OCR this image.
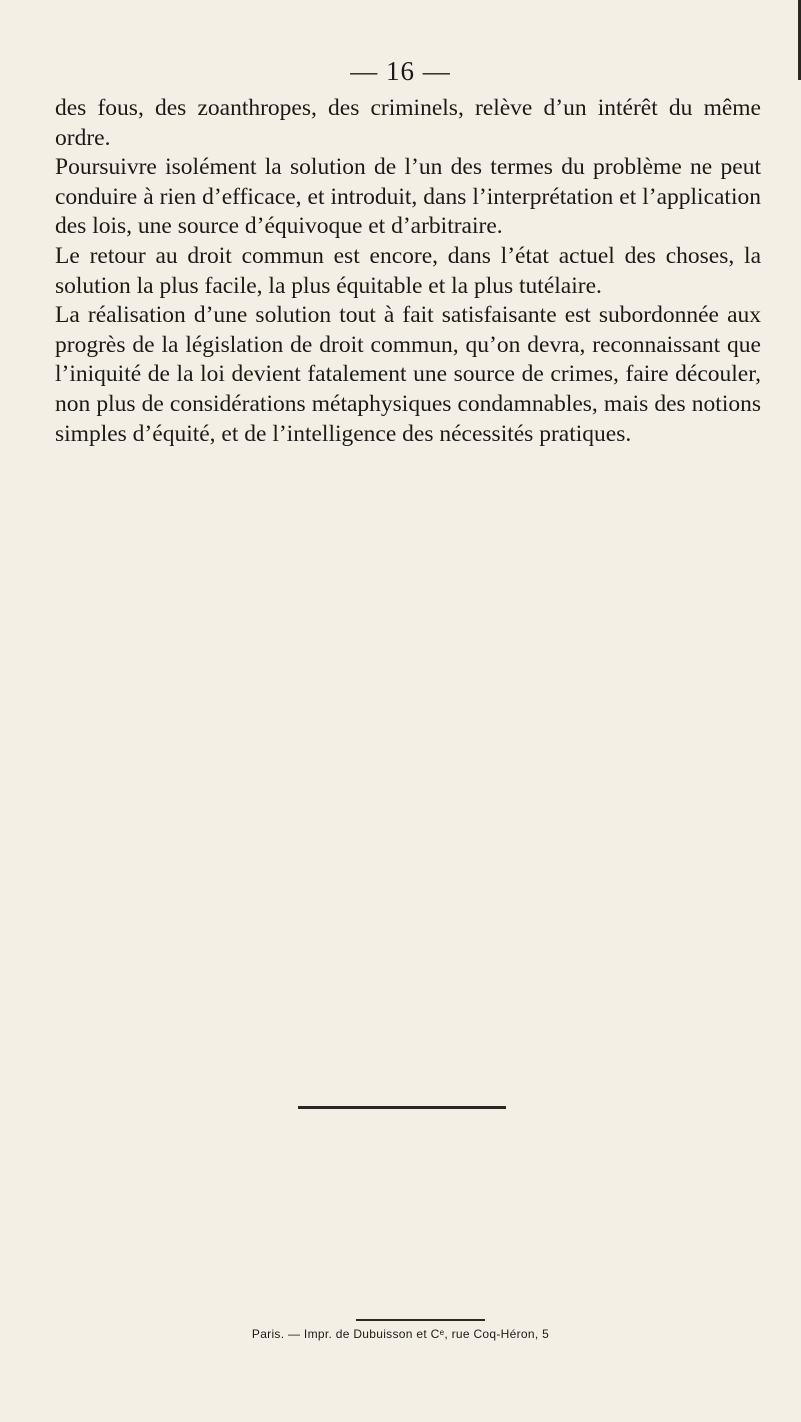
— 16 —

des fous, des zoanthropes, des criminels, relève d’un intérêt du même ordre.

Poursuivre isolément la solution de l’un des termes du problème ne peut conduire à rien d’efficace, et introduit, dans l’interprétation et l’application des lois, une source d’équivoque et d’arbitraire.

Le retour au droit commun est encore, dans l’état actuel des choses, la solution la plus facile, la plus équitable et la plus tutélaire.

La réalisation d’une solution tout à fait satisfaisante est subordonnée aux progrès de la législation de droit commun, qu’on devra, reconnaissant que l’iniquité de la loi devient fatalement une source de crimes, faire découler, non plus de considérations métaphysiques condamnables, mais des notions simples d’équité, et de l’intelligence des nécessités pratiques.

Paris. — Impr. de Dubuisson et Cᵉ, rue Coq-Héron, 5
